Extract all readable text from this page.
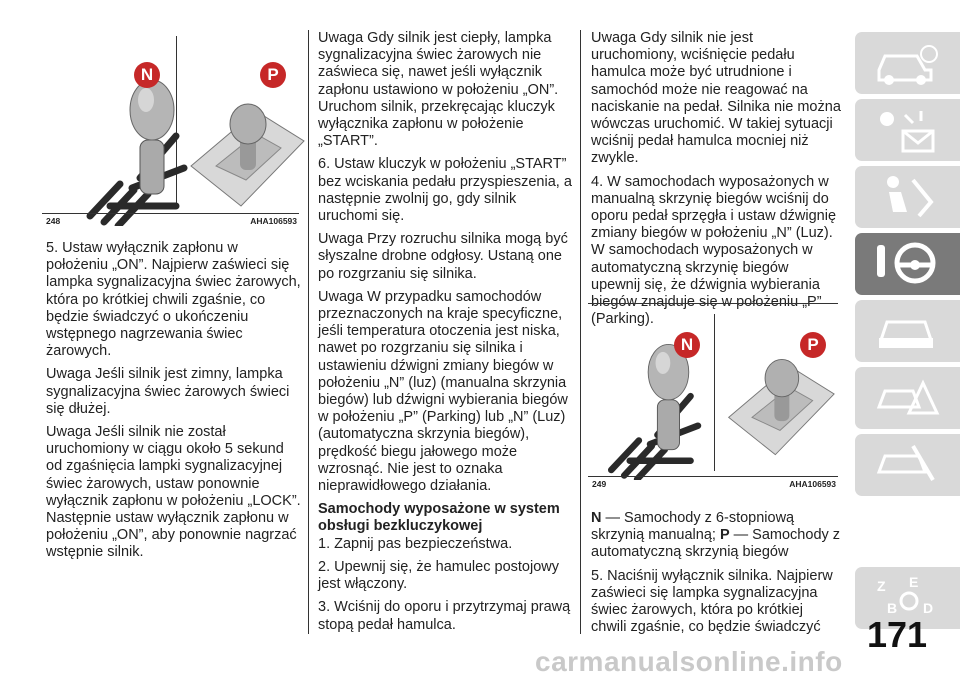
N	P
248	AHA106593

5. Ustaw wyłącznik zapłonu w położeniu „ON”. Najpierw zaświeci się lampka sygnalizacyjna świec żarowych, która po krótkiej chwili zgaśnie, co będzie świadczyć o ukończeniu wstępnego nagrzewania świec żarowych.

Uwaga Jeśli silnik jest zimny, lampka sygnalizacyjna świec żarowych świeci się dłużej.

Uwaga Jeśli silnik nie został uruchomiony w ciągu około 5 sekund od zgaśnięcia lampki sygnalizacyjnej świec żarowych, ustaw ponownie wyłącznik zapłonu w położeniu „LOCK”. Następnie ustaw wyłącznik zapłonu w położeniu „ON”, aby ponownie nagrzać wstępnie silnik.

Uwaga Gdy silnik jest ciepły, lampka sygnalizacyjna świec żarowych nie zaświeca się, nawet jeśli wyłącznik zapłonu ustawiono w położeniu „ON”. Uruchom silnik, przekręcając kluczyk wyłącznika zapłonu w położenie „START”.

6. Ustaw kluczyk w położeniu „START” bez wciskania pedału przyspieszenia, a następnie zwolnij go, gdy silnik uruchomi się.

Uwaga Przy rozruchu silnika mogą być słyszalne drobne odgłosy. Ustaną one po rozgrzaniu się silnika.

Uwaga W przypadku samochodów przeznaczonych na kraje specyficzne, jeśli temperatura otoczenia jest niska, nawet po rozgrzaniu się silnika i ustawieniu dźwigni zmiany biegów w położeniu „N” (luz) (manualna skrzynia biegów) lub dźwigni wybierania biegów w położeniu „P” (Parking) lub „N” (Luz) (automatyczna skrzynia biegów), prędkość biegu jałowego może wzrosnąć. Nie jest to oznaka nieprawidłowego działania.

Samochody wyposażone w system obsługi bezkluczykowej

1. Zapnij pas bezpieczeństwa.

2. Upewnij się, że hamulec postojowy jest włączony.

3. Wciśnij do oporu i przytrzymaj prawą stopą pedał hamulca.

Uwaga Gdy silnik nie jest uruchomiony, wciśnięcie pedału hamulca może być utrudnione i samochód może nie reagować na naciskanie na pedał. Silnika nie można wówczas uruchomić. W takiej sytuacji wciśnij pedał hamulca mocniej niż zwykle.

4. W samochodach wyposażonych w manualną skrzynię biegów wciśnij do oporu pedał sprzęgła i ustaw dźwignię zmiany biegów w położeniu „N” (Luz). W samochodach wyposażonych w automatyczną skrzynię biegów upewnij się, że dźwignia wybierania biegów znajduje się w położeniu „P” (Parking).

N	P
249	AHA106593

N — Samochody z 6-stopniową skrzynią manualną; P — Samochody z automatyczną skrzynią biegów

5. Naciśnij wyłącznik silnika. Najpierw zaświeci się lampka sygnalizacyjna świec żarowych, która po krótkiej chwili zgaśnie, co będzie świadczyć

Z E
B D
171
carmanualsonline.info
